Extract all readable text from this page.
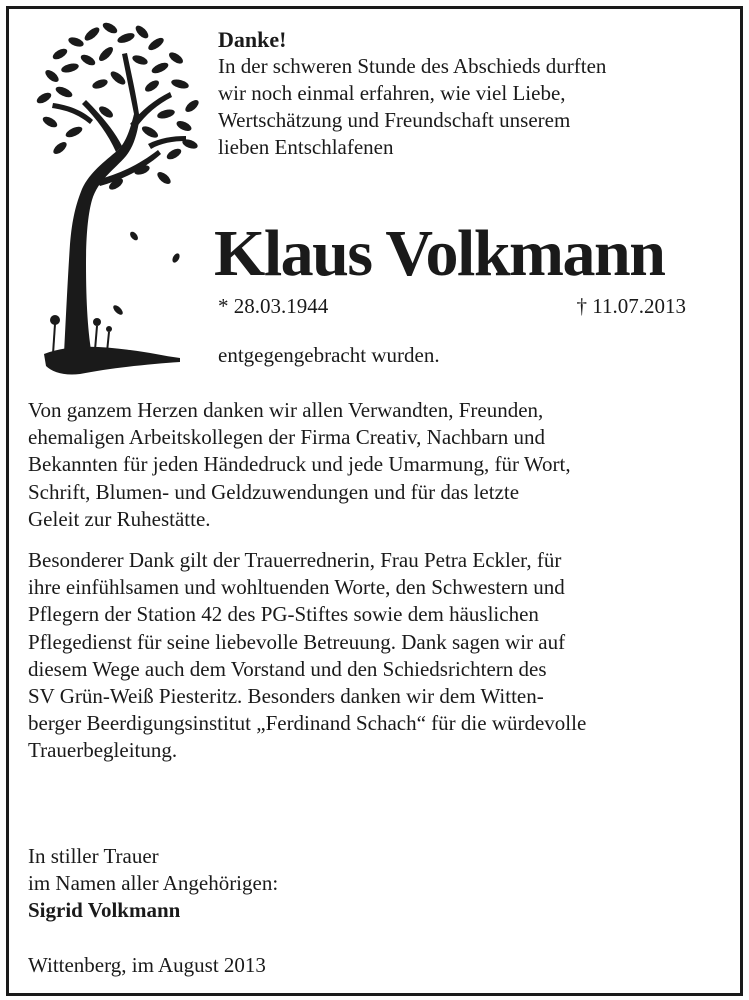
Danke!
In der schweren Stunde des Abschieds durften
wir noch einmal erfahren, wie viel Liebe,
Wertschätzung und Freundschaft unserem
lieben Entschlafenen
Klaus Volkmann
* 28.03.1944	† 11.07.2013
entgegengebracht wurden.

Von ganzem Herzen danken wir allen Verwandten, Freunden,
ehemaligen Arbeitskollegen der Firma Creativ, Nachbarn und
Bekannten für jeden Händedruck und jede Umarmung, für Wort,
Schrift, Blumen- und Geldzuwendungen und für das letzte
Geleit zur Ruhestätte.

Besonderer Dank gilt der Trauerrednerin, Frau Petra Eckler, für
ihre einfühlsamen und wohltuenden Worte, den Schwestern und
Pflegern der Station 42 des PG-Stiftes sowie dem häuslichen
Pflegedienst für seine liebevolle Betreuung. Dank sagen wir auf
diesem Wege auch dem Vorstand und den Schiedsrichtern des
SV Grün-Weiß Piesteritz. Besonders danken wir dem Witten-
berger Beerdigungsinstitut „Ferdinand Schach“ für die würdevolle
Trauerbegleitung.

In stiller Trauer
im Namen aller Angehörigen:
Sigrid Volkmann
Wittenberg, im August 2013
